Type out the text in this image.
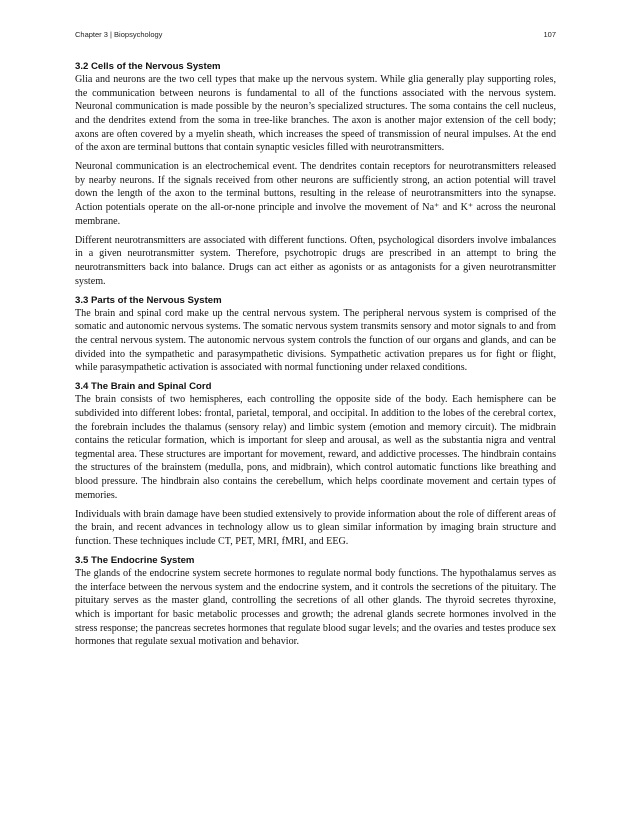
Chapter 3 | Biopsychology	107
3.2 Cells of the Nervous System

Glia and neurons are the two cell types that make up the nervous system. While glia generally play supporting roles, the communication between neurons is fundamental to all of the functions associated with the nervous system. Neuronal communication is made possible by the neuron’s specialized structures. The soma contains the cell nucleus, and the dendrites extend from the soma in tree-like branches. The axon is another major extension of the cell body; axons are often covered by a myelin sheath, which increases the speed of transmission of neural impulses. At the end of the axon are terminal buttons that contain synaptic vesicles filled with neurotransmitters.

Neuronal communication is an electrochemical event. The dendrites contain receptors for neurotransmitters released by nearby neurons. If the signals received from other neurons are sufficiently strong, an action potential will travel down the length of the axon to the terminal buttons, resulting in the release of neurotransmitters into the synapse. Action potentials operate on the all-or-none principle and involve the movement of Na⁺ and K⁺ across the neuronal membrane.

Different neurotransmitters are associated with different functions. Often, psychological disorders involve imbalances in a given neurotransmitter system. Therefore, psychotropic drugs are prescribed in an attempt to bring the neurotransmitters back into balance. Drugs can act either as agonists or as antagonists for a given neurotransmitter system.

3.3 Parts of the Nervous System

The brain and spinal cord make up the central nervous system. The peripheral nervous system is comprised of the somatic and autonomic nervous systems. The somatic nervous system transmits sensory and motor signals to and from the central nervous system. The autonomic nervous system controls the function of our organs and glands, and can be divided into the sympathetic and parasympathetic divisions. Sympathetic activation prepares us for fight or flight, while parasympathetic activation is associated with normal functioning under relaxed conditions.

3.4 The Brain and Spinal Cord

The brain consists of two hemispheres, each controlling the opposite side of the body. Each hemisphere can be subdivided into different lobes: frontal, parietal, temporal, and occipital. In addition to the lobes of the cerebral cortex, the forebrain includes the thalamus (sensory relay) and limbic system (emotion and memory circuit). The midbrain contains the reticular formation, which is important for sleep and arousal, as well as the substantia nigra and ventral tegmental area. These structures are important for movement, reward, and addictive processes. The hindbrain contains the structures of the brainstem (medulla, pons, and midbrain), which control automatic functions like breathing and blood pressure. The hindbrain also contains the cerebellum, which helps coordinate movement and certain types of memories.

Individuals with brain damage have been studied extensively to provide information about the role of different areas of the brain, and recent advances in technology allow us to glean similar information by imaging brain structure and function. These techniques include CT, PET, MRI, fMRI, and EEG.

3.5 The Endocrine System

The glands of the endocrine system secrete hormones to regulate normal body functions. The hypothalamus serves as the interface between the nervous system and the endocrine system, and it controls the secretions of the pituitary. The pituitary serves as the master gland, controlling the secretions of all other glands. The thyroid secretes thyroxine, which is important for basic metabolic processes and growth; the adrenal glands secrete hormones involved in the stress response; the pancreas secretes hormones that regulate blood sugar levels; and the ovaries and testes produce sex hormones that regulate sexual motivation and behavior.
